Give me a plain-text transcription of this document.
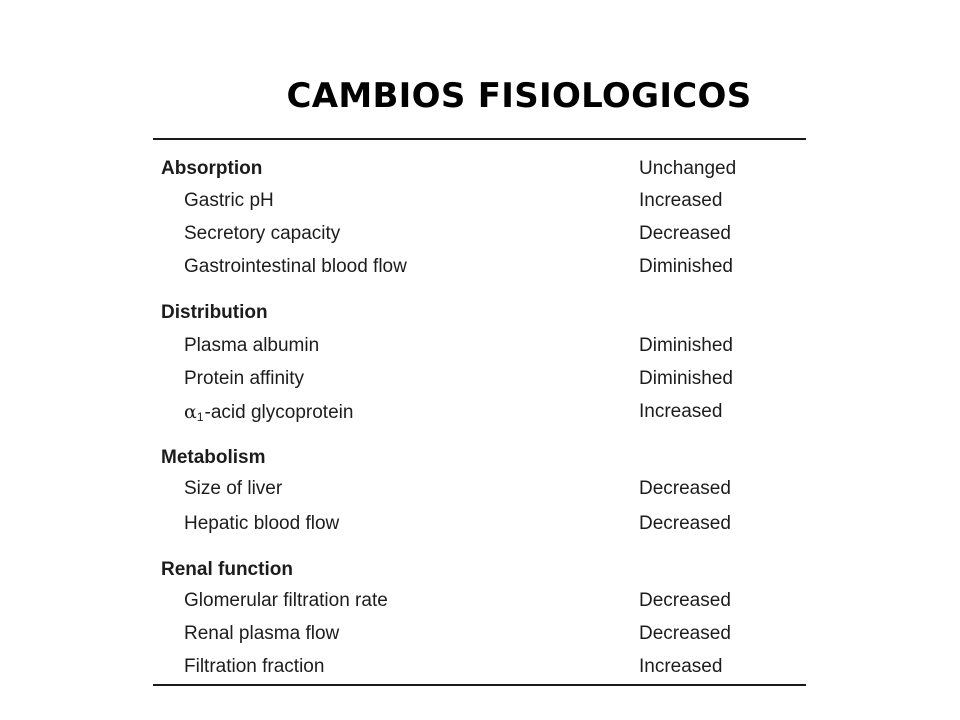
CAMBIOS FISIOLOGICOS
Absorption	Unchanged
Gastric pH	Increased
Secretory capacity	Decreased
Gastrointestinal blood flow	Diminished
Distribution
Plasma albumin	Diminished
Protein affinity	Diminished
α1-acid glycoprotein	Increased
Metabolism
Size of liver	Decreased
Hepatic blood flow	Decreased
Renal function
Glomerular filtration rate	Decreased
Renal plasma flow	Decreased
Filtration fraction	Increased
